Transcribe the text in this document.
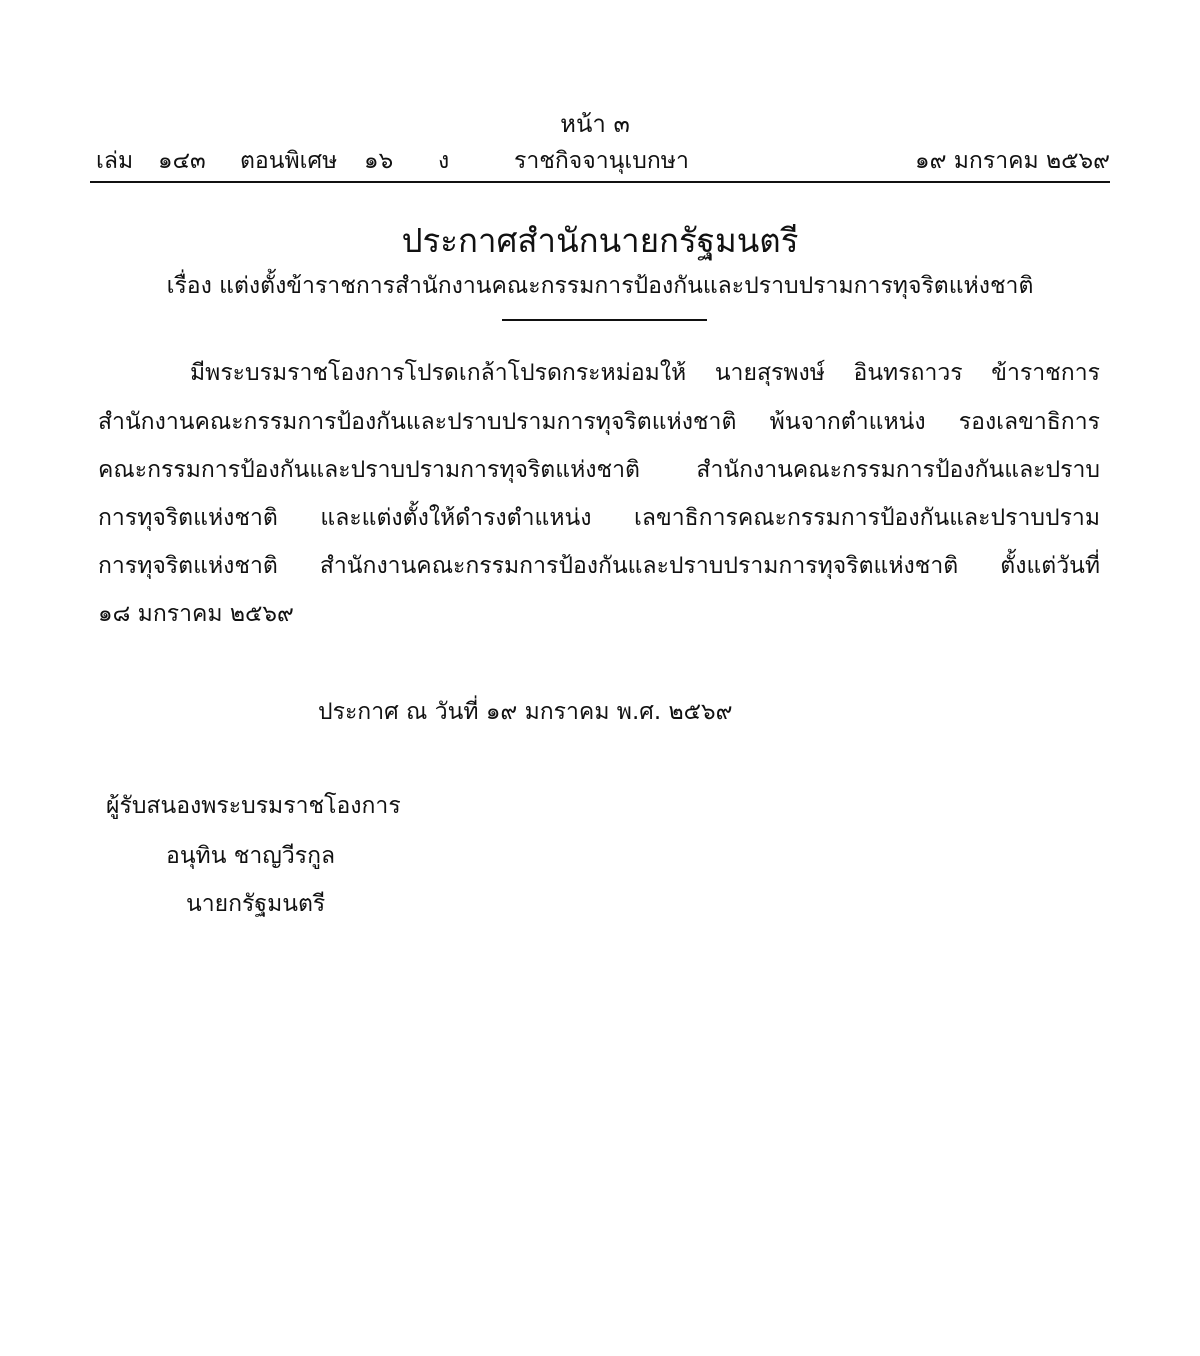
หน้า ๓
เล่ม ๑๔๓ ตอนพิเศษ ๑๖ ง	ราชกิจจานุเบกษา	๑๙ มกราคม ๒๕๖๙
ประกาศสำนักนายกรัฐมนตรี
เรื่อง แต่งตั้งข้าราชการสำนักงานคณะกรรมการป้องกันและปราบปรามการทุจริตแห่งชาติ
มีพระบรมราชโองการโปรดเกล้าโปรดกระหม่อมให้ นายสุรพงษ์ อินทรถาวร ข้าราชการ
สำนักงานคณะกรรมการป้องกันและปราบปรามการทุจริตแห่งชาติ พ้นจากตำแหน่ง รองเลขาธิการ
คณะกรรมการป้องกันและปราบปรามการทุจริตแห่งชาติ สำนักงานคณะกรรมการป้องกันและปราบ
การทุจริตแห่งชาติ และแต่งตั้งให้ดำรงตำแหน่ง เลขาธิการคณะกรรมการป้องกันและปราบปราม
การทุจริตแห่งชาติ สำนักงานคณะกรรมการป้องกันและปราบปรามการทุจริตแห่งชาติ ตั้งแต่วันที่
๑๘ มกราคม ๒๕๖๙
ประกาศ ณ วันที่ ๑๙ มกราคม พ.ศ. ๒๕๖๙
ผู้รับสนองพระบรมราชโองการ
อนุทิน ชาญวีรกูล
นายกรัฐมนตรี
